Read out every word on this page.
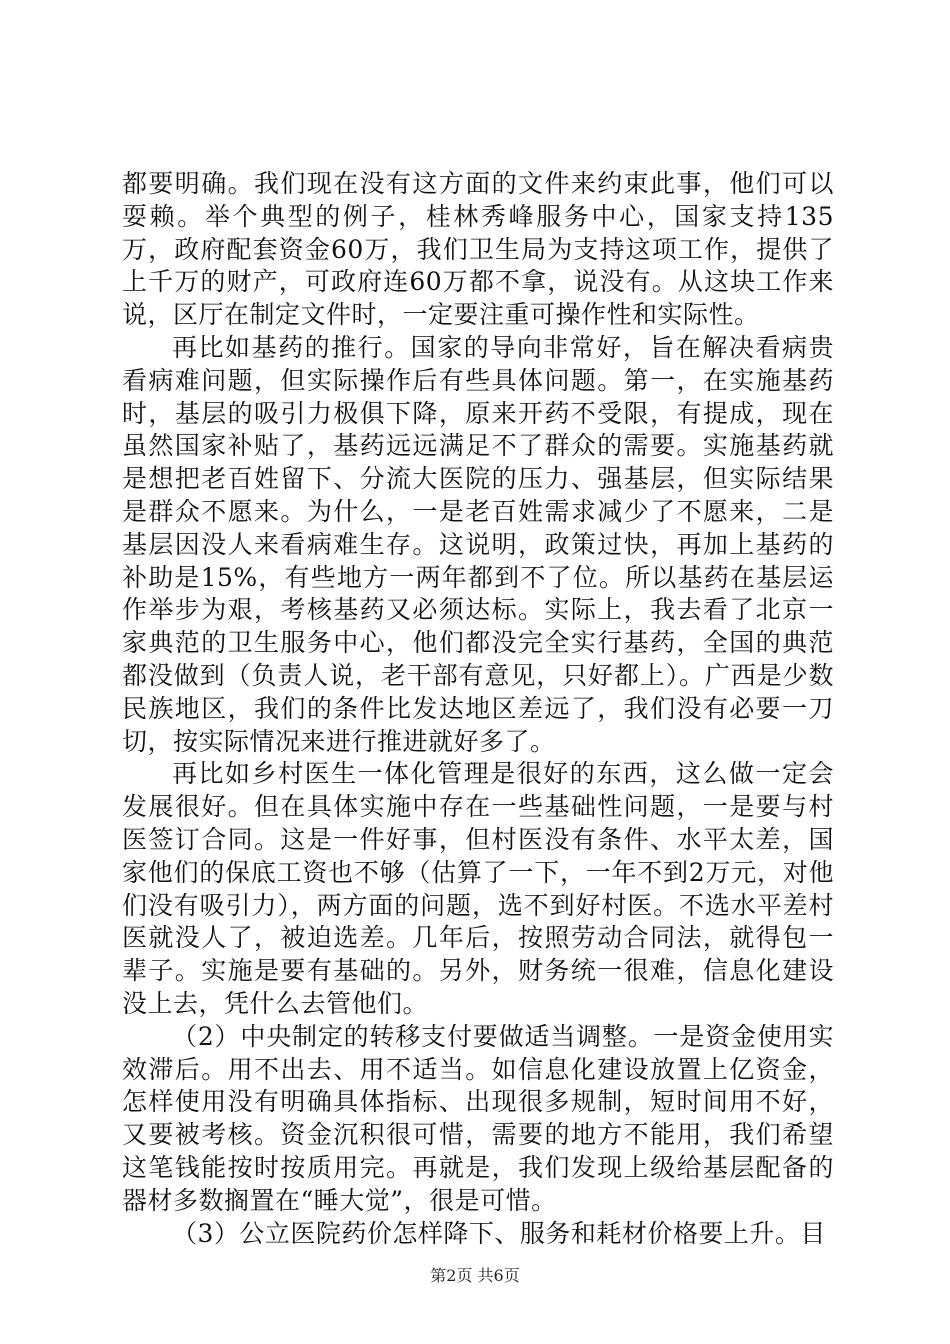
都要明确。我们现在没有这方面的文件来约束此事，他们可以耍赖。举个典型的例子，桂林秀峰服务中心，国家支持135万，政府配套资金60万，我们卫生局为支持这项工作，提供了上千万的财产，可政府连60万都不拿，说没有。从这块工作来说，区厅在制定文件时，一定要注重可操作性和实际性。

再比如基药的推行。国家的导向非常好，旨在解决看病贵看病难问题，但实际操作后有些具体问题。第一，在实施基药时，基层的吸引力极俱下降，原来开药不受限，有提成，现在虽然国家补贴了，基药远远满足不了群众的需要。实施基药就是想把老百姓留下、分流大医院的压力、强基层，但实际结果是群众不愿来。为什么，一是老百姓需求减少了不愿来，二是基层因没人来看病难生存。这说明，政策过快，再加上基药的补助是15%，有些地方一两年都到不了位。所以基药在基层运作举步为艰，考核基药又必须达标。实际上，我去看了北京一家典范的卫生服务中心，他们都没完全实行基药，全国的典范都没做到（负责人说，老干部有意见，只好都上）。广西是少数民族地区，我们的条件比发达地区差远了，我们没有必要一刀切，按实际情况来进行推进就好多了。

再比如乡村医生一体化管理是很好的东西，这么做一定会发展很好。但在具体实施中存在一些基础性问题，一是要与村医签订合同。这是一件好事，但村医没有条件、水平太差，国家他们的保底工资也不够（估算了一下，一年不到2万元，对他们没有吸引力），两方面的问题，选不到好村医。不选水平差村医就没人了，被迫选差。几年后，按照劳动合同法，就得包一辈子。实施是要有基础的。另外，财务统一很难，信息化建设没上去，凭什么去管他们。

（2）中央制定的转移支付要做适当调整。一是资金使用实效滞后。用不出去、用不适当。如信息化建设放置上亿资金，怎样使用没有明确具体指标、出现很多规制，短时间用不好，又要被考核。资金沉积很可惜，需要的地方不能用，我们希望这笔钱能按时按质用完。再就是，我们发现上级给基层配备的器材多数搁置在“睡大觉”，很是可惜。

（3）公立医院药价怎样降下、服务和耗材价格要上升。目

第2页 共6页
